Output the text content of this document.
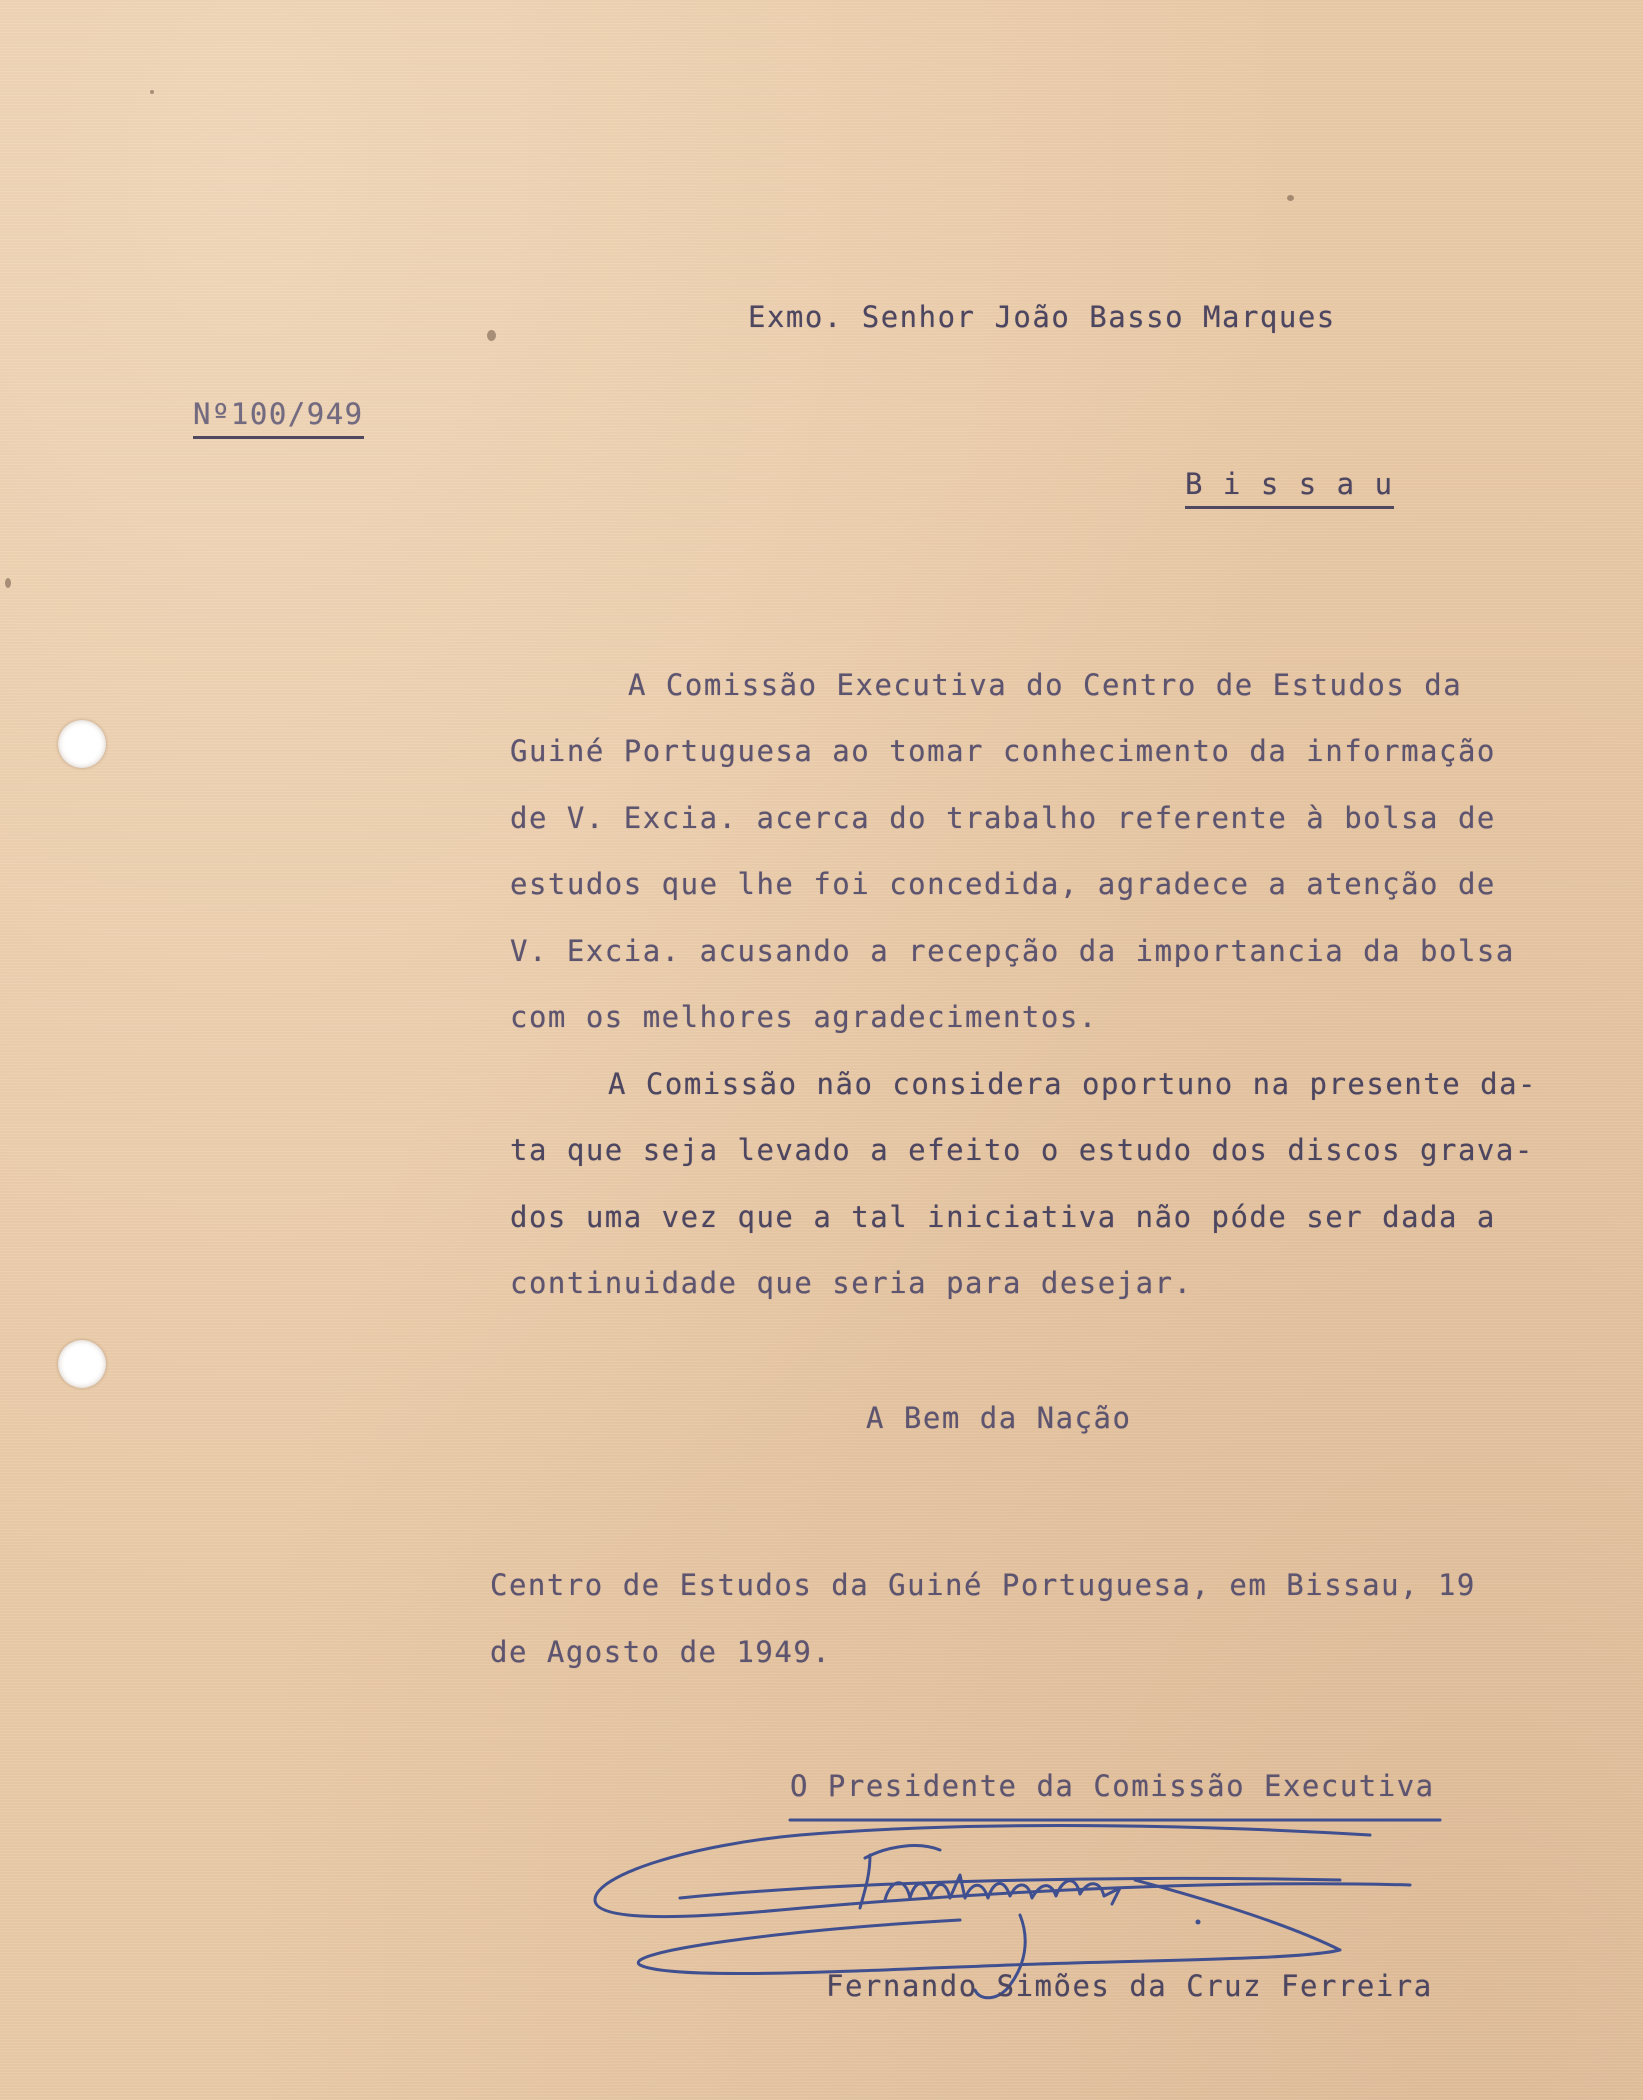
Exmo. Senhor João Basso Marques
Nº100/949
B i s s a u
A Comissão Executiva do Centro de Estudos da
Guiné Portuguesa ao tomar conhecimento da informação
de V. Excia. acerca do trabalho referente à bolsa de
estudos que lhe foi concedida, agradece a atenção de
V. Excia. acusando a recepção da importancia da bolsa
com os melhores agradecimentos.
A Comissão não considera oportuno na presente da-
ta que seja levado a efeito o estudo dos discos grava-
dos uma vez que a tal iniciativa não póde ser dada a
continuidade que seria para desejar.
A Bem da Nação
Centro de Estudos da Guiné Portuguesa, em Bissau, 19
de Agosto de 1949.
O Presidente da Comissão Executiva
Fernando Simões da Cruz Ferreira
